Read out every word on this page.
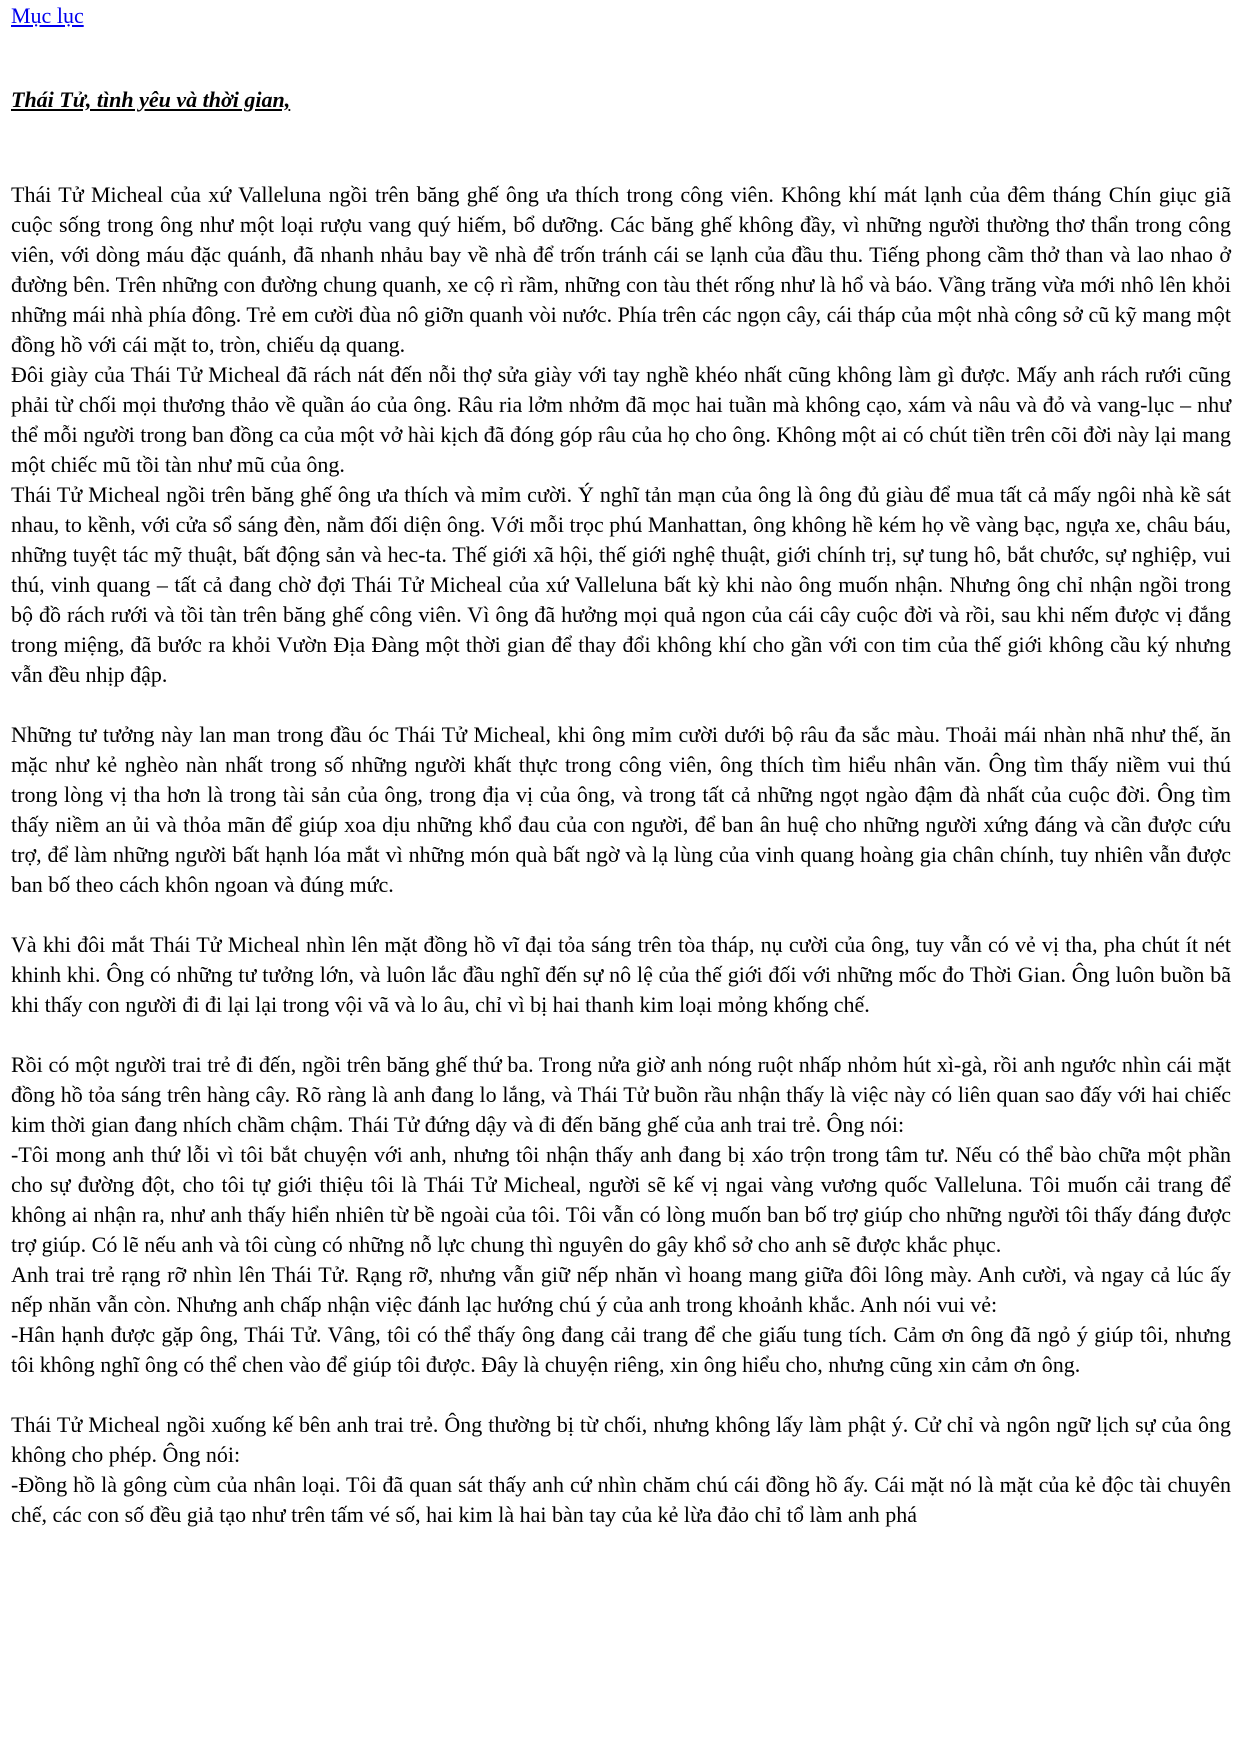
Mục lục
Thái Tử, tình yêu và thời gian,

Thái Tử Micheal của xứ Valleluna ngồi trên băng ghế ông ưa thích trong công viên. Không khí mát lạnh của đêm tháng Chín giục giã cuộc sống trong ông như một loại rượu vang quý hiếm, bổ dưỡng. Các băng ghế không đầy, vì những người thường thơ thẩn trong công viên, với dòng máu đặc quánh, đã nhanh nhảu bay về nhà để trốn tránh cái se lạnh của đầu thu. Tiếng phong cầm thở than và lao nhao ở đường bên. Trên những con đường chung quanh, xe cộ rì rầm, những con tàu thét rống như là hổ và báo. Vầng trăng vừa mới nhô lên khỏi những mái nhà phía đông. Trẻ em cười đùa nô giỡn quanh vòi nước. Phía trên các ngọn cây, cái tháp của một nhà công sở cũ kỹ mang một đồng hồ với cái mặt to, tròn, chiếu dạ quang.

Đôi giày của Thái Tử Micheal đã rách nát đến nỗi thợ sửa giày với tay nghề khéo nhất cũng không làm gì được. Mấy anh rách rưới cũng phải từ chối mọi thương thảo về quần áo của ông. Râu ria lởm nhởm đã mọc hai tuần mà không cạo, xám và nâu và đỏ và vang-lục – như thể mỗi người trong ban đồng ca của một vở hài kịch đã đóng góp râu của họ cho ông. Không một ai có chút tiền trên cõi đời này lại mang một chiếc mũ tồi tàn như mũ của ông.

Thái Tử Micheal ngồi trên băng ghế ông ưa thích và mỉm cười. Ý nghĩ tản mạn của ông là ông đủ giàu để mua tất cả mấy ngôi nhà kề sát nhau, to kềnh, với cửa sổ sáng đèn, nằm đối diện ông. Với mỗi trọc phú Manhattan, ông không hề kém họ về vàng bạc, ngựa xe, châu báu, những tuyệt tác mỹ thuật, bất động sản và hec-ta. Thế giới xã hội, thế giới nghệ thuật, giới chính trị, sự tung hô, bắt chước, sự nghiệp, vui thú, vinh quang – tất cả đang chờ đợi Thái Tử Micheal của xứ Valleluna bất kỳ khi nào ông muốn nhận. Nhưng ông chỉ nhận ngồi trong bộ đồ rách rưới và tồi tàn trên băng ghế công viên. Vì ông đã hưởng mọi quả ngon của cái cây cuộc đời và rồi, sau khi nếm được vị đắng trong miệng, đã bước ra khỏi Vườn Địa Đàng một thời gian để thay đổi không khí cho gần với con tim của thế giới không cầu ký nhưng vẫn đều nhịp đập.

Những tư tưởng này lan man trong đầu óc Thái Tử Micheal, khi ông mỉm cười dưới bộ râu đa sắc màu. Thoải mái nhàn nhã như thế, ăn mặc như kẻ nghèo nàn nhất trong số những người khất thực trong công viên, ông thích tìm hiểu nhân văn. Ông tìm thấy niềm vui thú trong lòng vị tha hơn là trong tài sản của ông, trong địa vị của ông, và trong tất cả những ngọt ngào đậm đà nhất của cuộc đời. Ông tìm thấy niềm an ủi và thỏa mãn để giúp xoa dịu những khổ đau của con người, để ban ân huệ cho những người xứng đáng và cần được cứu trợ, để làm những người bất hạnh lóa mắt vì những món quà bất ngờ và lạ lùng của vinh quang hoàng gia chân chính, tuy nhiên vẫn được ban bố theo cách khôn ngoan và đúng mức.

Và khi đôi mắt Thái Tử Micheal nhìn lên mặt đồng hồ vĩ đại tỏa sáng trên tòa tháp, nụ cười của ông, tuy vẫn có vẻ vị tha, pha chút ít nét khinh khi. Ông có những tư tưởng lớn, và luôn lắc đầu nghĩ đến sự nô lệ của thế giới đối với những mốc đo Thời Gian. Ông luôn buồn bã khi thấy con người đi đi lại lại trong vội vã và lo âu, chỉ vì bị hai thanh kim loại mỏng khống chế.

Rồi có một người trai trẻ đi đến, ngồi trên băng ghế thứ ba. Trong nửa giờ anh nóng ruột nhấp nhỏm hút xì-gà, rồi anh ngước nhìn cái mặt đồng hồ tỏa sáng trên hàng cây. Rõ ràng là anh đang lo lắng, và Thái Tử buồn rầu nhận thấy là việc này có liên quan sao đấy với hai chiếc kim thời gian đang nhích chầm chậm. Thái Tử đứng dậy và đi đến băng ghế của anh trai trẻ. Ông nói:

-Tôi mong anh thứ lỗi vì tôi bắt chuyện với anh, nhưng tôi nhận thấy anh đang bị xáo trộn trong tâm tư. Nếu có thể bào chữa một phần cho sự đường đột, cho tôi tự giới thiệu tôi là Thái Tử Micheal, người sẽ kế vị ngai vàng vương quốc Valleluna. Tôi muốn cải trang để không ai nhận ra, như anh thấy hiển nhiên từ bề ngoài của tôi. Tôi vẫn có lòng muốn ban bố trợ giúp cho những người tôi thấy đáng được trợ giúp. Có lẽ nếu anh và tôi cùng có những nỗ lực chung thì nguyên do gây khổ sở cho anh sẽ được khắc phục.

Anh trai trẻ rạng rỡ nhìn lên Thái Tử. Rạng rỡ, nhưng vẫn giữ nếp nhăn vì hoang mang giữa đôi lông mày. Anh cười, và ngay cả lúc ấy nếp nhăn vẫn còn. Nhưng anh chấp nhận việc đánh lạc hướng chú ý của anh trong khoảnh khắc. Anh nói vui vẻ:

-Hân hạnh được gặp ông, Thái Tử. Vâng, tôi có thể thấy ông đang cải trang để che giấu tung tích. Cảm ơn ông đã ngỏ ý giúp tôi, nhưng tôi không nghĩ ông có thể chen vào để giúp tôi được. Đây là chuyện riêng, xin ông hiểu cho, nhưng cũng xin cảm ơn ông.

Thái Tử Micheal ngồi xuống kế bên anh trai trẻ. Ông thường bị từ chối, nhưng không lấy làm phật ý. Cử chỉ và ngôn ngữ lịch sự của ông không cho phép. Ông nói:

-Đồng hồ là gông cùm của nhân loại. Tôi đã quan sát thấy anh cứ nhìn chăm chú cái đồng hồ ấy. Cái mặt nó là mặt của kẻ độc tài chuyên chế, các con số đều giả tạo như trên tấm vé số, hai kim là hai bàn tay của kẻ lừa đảo chỉ tổ làm anh phá
